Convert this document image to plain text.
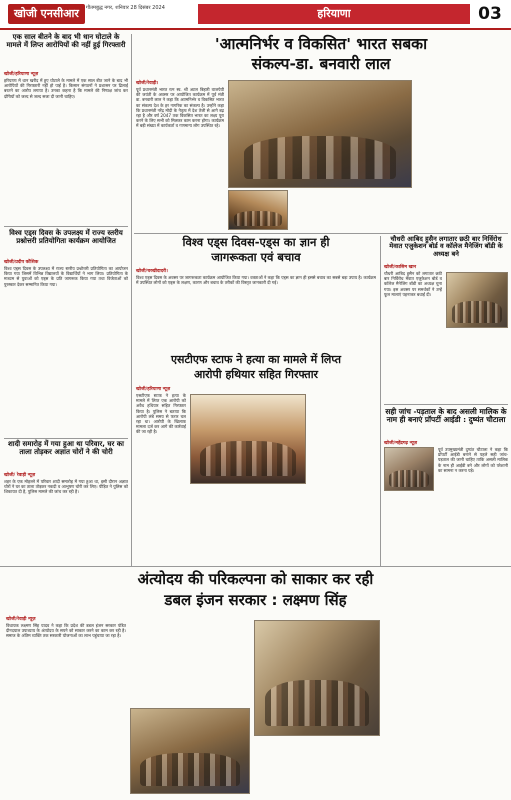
खोजी एनसीआर	गौतमबुद्ध नगर, शनिवार 28 दिसंबर 2024	हरियाणा	03
एक साल बीतने के बाद भी धान घोटाले के मामले में लिप्त आरोपियों की नहीं हुई गिरफ्तारी
खोजी/हरियाणा न्यूज़
हरियाणा में धान खरीद में हुए घोटाले के मामले में एक साल बीत जाने के बाद भी आरोपियों की गिरफ्तारी नहीं हो पाई है। किसान संगठनों ने प्रशासन पर ढिलाई बरतने का आरोप लगाया है। उनका कहना है कि मामले की निष्पक्ष जांच कर दोषियों को जल्द से जल्द सजा दी जानी चाहिए।
विश्व एड्स दिवस के उपलक्ष्य में राज्य स्तरीय प्रश्नोत्तरी प्रतियोगिता कार्यक्रम आयोजित
खोजी/प्रदीप कौशिक
विश्व एड्स दिवस के उपलक्ष्य में राज्य स्तरीय प्रश्नोत्तरी प्रतियोगिता का आयोजन किया गया जिसमें विभिन्न विद्यालयों के विद्यार्थियों ने भाग लिया। प्रतियोगिता के माध्यम से युवाओं को एड्स के प्रति जागरूक किया गया तथा विजेताओं को पुरस्कार देकर सम्मानित किया गया।
शादी समारोह में गया हुआ था परिवार, घर का ताला तोड़कर अज्ञात चोरों ने की चोरी
खोजी/ रेवाड़ी न्यूज़
शहर के एक मोहल्ले में परिवार शादी समारोह में गया हुआ था, इसी दौरान अज्ञात चोरों ने घर का ताला तोड़कर नकदी व आभूषण चोरी कर लिए। पीड़ित ने पुलिस को शिकायत दी है, पुलिस मामले की जांच कर रही है।
'आत्मनिर्भर व विकसित' भारत सबका
संकल्प-डा. बनवारी लाल
खोजी/रेवाड़ी।
पूर्व प्रधानमंत्री भारत रत्न स्व. श्री अटल बिहारी वाजपेयी की जयंती के अवसर पर आयोजित कार्यक्रम में पूर्व मंत्री डा. बनवारी लाल ने कहा कि आत्मनिर्भर व विकसित भारत का संकल्प देश के हर नागरिक का संकल्प है। उन्होंने कहा कि प्रधानमंत्री नरेंद्र मोदी के नेतृत्व में देश तेजी से आगे बढ़ रहा है और वर्ष 2047 तक विकसित भारत का लक्ष्य पूरा करने के लिए सभी को मिलकर काम करना होगा। कार्यक्रम में बड़ी संख्या में कार्यकर्ता व गणमान्य लोग उपस्थित रहे।
विश्व एड्स दिवस-एड्स का ज्ञान ही
जागरूकता एवं बचाव
खोजी/चरखीदादरी।
विश्व एड्स दिवस के अवसर पर जागरूकता कार्यक्रम आयोजित किया गया। वक्ताओं ने कहा कि एड्स का ज्ञान ही इससे बचाव का सबसे बड़ा उपाय है। कार्यक्रम में उपस्थित लोगों को एड्स के लक्षण, कारण और बचाव के तरीकों की विस्तृत जानकारी दी गई।
चौधरी आबिद हुसैन लगातार छठी बार निर्विरोध मेवात एजुकेशन बोर्ड व कॉलेज मैनेजिंग बॉडी के अध्यक्ष बने
खोजी/कासिम खान
चौधरी आबिद हुसैन को लगातार छठी बार निर्विरोध मेवात एजुकेशन बोर्ड व कॉलेज मैनेजिंग बॉडी का अध्यक्ष चुना गया। इस अवसर पर समर्थकों ने उन्हें फूल मालाएं पहनाकर बधाई दी।
एसटीएफ स्टाफ ने हत्या का मामले में लिप्त
आरोपी हथियार सहित गिरफ्तार
खोजी/हरियाणा न्यूज़
एसटीएफ स्टाफ ने हत्या के मामले में लिप्त एक आरोपी को अवैध हथियार सहित गिरफ्तार किया है। पुलिस ने बताया कि आरोपी लंबे समय से फरार चल रहा था। आरोपी के खिलाफ मामला दर्ज कर आगे की कार्रवाई की जा रही है।
सही जांच -पड़ताल के बाद असली मालिक के नाम ही बनाएं प्रॉपर्टी आईडी : दुष्यंत चौटाला
खोजी/महेंद्रगढ़ न्यूज़
पूर्व उपमुख्यमंत्री दुष्यंत चौटाला ने कहा कि प्रॉपर्टी आईडी बनाने से पहले सही जांच-पड़ताल की जानी चाहिए ताकि असली मालिक के नाम ही आईडी बने और लोगों को परेशानी का सामना न करना पड़े।
अंत्योदय की परिकल्पना को साकार कर रही
डबल इंजन सरकार : लक्ष्मण सिंह
खोजी/रेवाड़ी न्यूज़
विधायक लक्ष्मण सिंह यादव ने कहा कि प्रदेश की डबल इंजन सरकार पंडित दीनदयाल उपाध्याय के अंत्योदय के सपने को साकार करने का काम कर रही है। समाज के अंतिम व्यक्ति तक सरकारी योजनाओं का लाभ पहुंचाया जा रहा है।
